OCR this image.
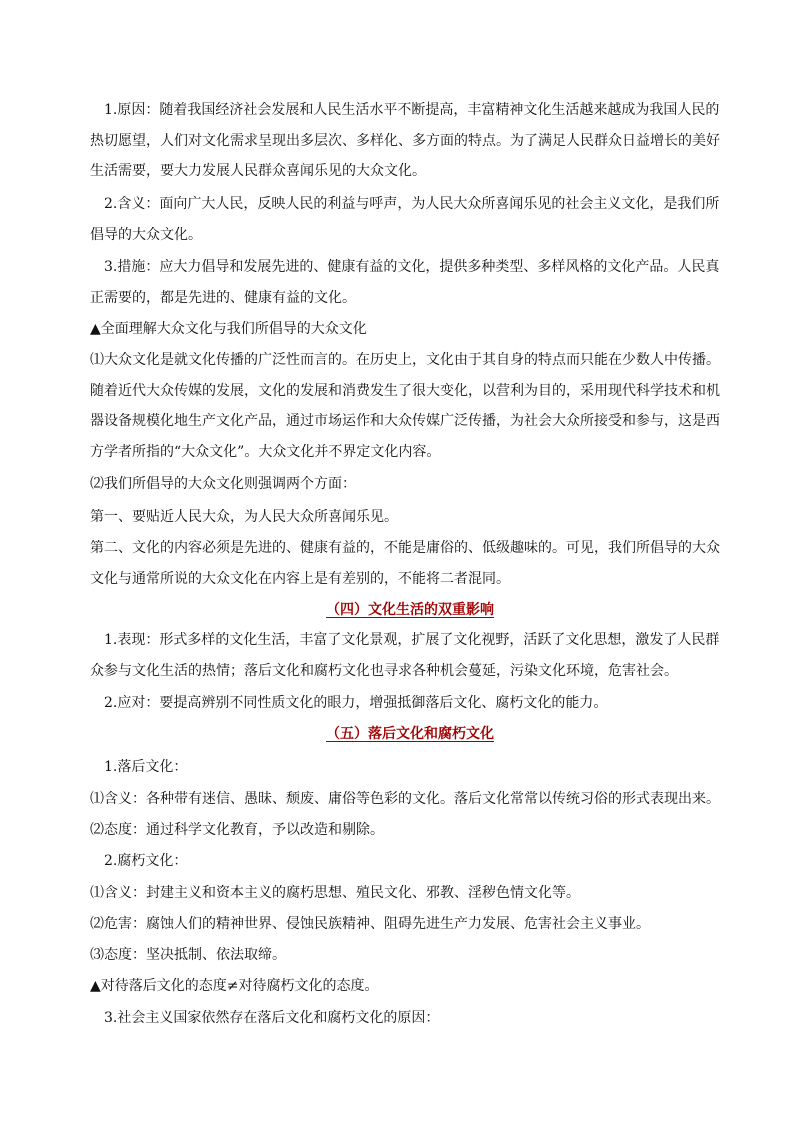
1.原因：随着我国经济社会发展和人民生活水平不断提高，丰富精神文化生活越来越成为我国人民的热切愿望，人们对文化需求呈现出多层次、多样化、多方面的特点。为了满足人民群众日益增长的美好生活需要，要大力发展人民群众喜闻乐见的大众文化。

2.含义：面向广大人民，反映人民的利益与呼声，为人民大众所喜闻乐见的社会主义文化，是我们所倡导的大众文化。

3.措施：应大力倡导和发展先进的、健康有益的文化，提供多种类型、多样风格的文化产品。人民真正需要的，都是先进的、健康有益的文化。

▲全面理解大众文化与我们所倡导的大众文化

⑴大众文化是就文化传播的广泛性而言的。在历史上，文化由于其自身的特点而只能在少数人中传播。随着近代大众传媒的发展，文化的发展和消费发生了很大变化，以营利为目的，采用现代科学技术和机器设备规模化地生产文化产品，通过市场运作和大众传媒广泛传播，为社会大众所接受和参与，这是西方学者所指的“大众文化”。大众文化并不界定文化内容。

⑵我们所倡导的大众文化则强调两个方面：

第一、要贴近人民大众，为人民大众所喜闻乐见。

第二、文化的内容必须是先进的、健康有益的，不能是庸俗的、低级趣味的。可见，我们所倡导的大众文化与通常所说的大众文化在内容上是有差别的，不能将二者混同。

（四）文化生活的双重影响

1.表现：形式多样的文化生活，丰富了文化景观，扩展了文化视野，活跃了文化思想，激发了人民群众参与文化生活的热情；落后文化和腐朽文化也寻求各种机会蔓延，污染文化环境，危害社会。

2.应对：要提高辨别不同性质文化的眼力，增强抵御落后文化、腐朽文化的能力。

（五）落后文化和腐朽文化

1.落后文化：

⑴含义：各种带有迷信、愚昧、颓废、庸俗等色彩的文化。落后文化常常以传统习俗的形式表现出来。

⑵态度：通过科学文化教育，予以改造和剔除。

2.腐朽文化：

⑴含义：封建主义和资本主义的腐朽思想、殖民文化、邪教、淫秽色情文化等。

⑵危害：腐蚀人们的精神世界、侵蚀民族精神、阻碍先进生产力发展、危害社会主义事业。

⑶态度：坚决抵制、依法取缔。

▲对待落后文化的态度≠对待腐朽文化的态度。

3.社会主义国家依然存在落后文化和腐朽文化的原因：
